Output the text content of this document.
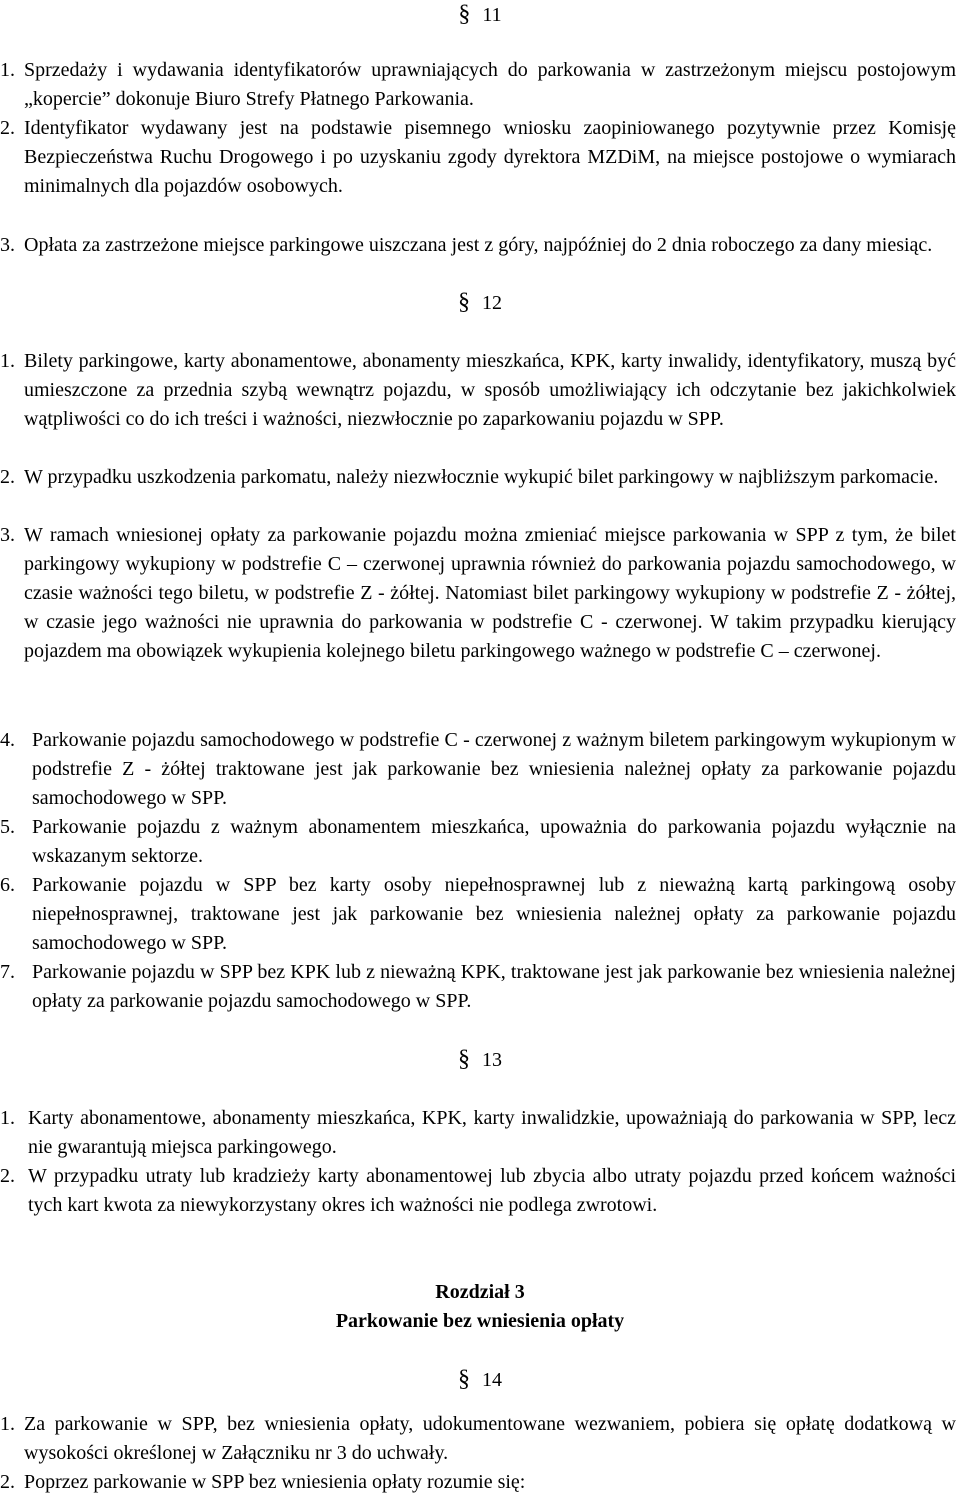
§ 11
1. Sprzedaży i wydawania identyfikatorów uprawniających do parkowania w zastrzeżonym miejscu postojowym „kopercie” dokonuje Biuro Strefy Płatnego Parkowania.
2. Identyfikator wydawany jest na podstawie pisemnego wniosku zaopiniowanego pozytywnie przez Komisję Bezpieczeństwa Ruchu Drogowego i po uzyskaniu zgody dyrektora MZDiM, na miejsce postojowe o wymiarach minimalnych dla pojazdów osobowych.
3. Opłata za zastrzeżone miejsce parkingowe uiszczana jest z góry, najpóźniej do 2 dnia roboczego za dany miesiąc.
§ 12
1. Bilety parkingowe, karty abonamentowe, abonamenty mieszkańca, KPK, karty inwalidy, identyfikatory, muszą być umieszczone za przednia szybą wewnątrz pojazdu, w sposób umożliwiający ich odczytanie bez jakichkolwiek wątpliwości co do ich treści i ważności, niezwłocznie po zaparkowaniu pojazdu w SPP.
2. W przypadku uszkodzenia parkomatu, należy niezwłocznie wykupić bilet parkingowy w najbliższym parkomacie.
3. W ramach wniesionej opłaty za parkowanie pojazdu można zmieniać miejsce parkowania w SPP z tym, że bilet parkingowy wykupiony w podstrefie C – czerwonej uprawnia również do parkowania pojazdu samochodowego, w czasie ważności tego biletu, w podstrefie Z - żółtej. Natomiast bilet parkingowy wykupiony w podstrefie Z - żółtej, w czasie jego ważności nie uprawnia do parkowania w podstrefie C - czerwonej. W takim przypadku kierujący pojazdem ma obowiązek wykupienia kolejnego biletu parkingowego ważnego w podstrefie C – czerwonej.
4. Parkowanie pojazdu samochodowego w podstrefie C - czerwonej z ważnym biletem parkingowym wykupionym w podstrefie Z - żółtej traktowane jest jak parkowanie bez wniesienia należnej opłaty za parkowanie pojazdu samochodowego w SPP.
5. Parkowanie pojazdu z ważnym abonamentem mieszkańca, upoważnia do parkowania pojazdu wyłącznie na wskazanym sektorze.
6. Parkowanie pojazdu w SPP bez karty osoby niepełnosprawnej lub z nieważną kartą parkingową osoby niepełnosprawnej, traktowane jest jak parkowanie bez wniesienia należnej opłaty za parkowanie pojazdu samochodowego w SPP.
7. Parkowanie pojazdu w SPP bez KPK lub z nieważną KPK, traktowane jest jak parkowanie bez wniesienia należnej opłaty za parkowanie pojazdu samochodowego w SPP.
§ 13
1. Karty abonamentowe, abonamenty mieszkańca, KPK, karty inwalidzkie, upoważniają do parkowania w SPP, lecz nie gwarantują miejsca parkingowego.
2. W przypadku utraty lub kradzieży karty abonamentowej lub zbycia albo utraty pojazdu przed końcem ważności tych kart kwota za niewykorzystany okres ich ważności nie podlega zwrotowi.
Rozdział 3
Parkowanie bez wniesienia opłaty
§ 14
1. Za parkowanie w SPP, bez wniesienia opłaty, udokumentowane wezwaniem, pobiera się opłatę dodatkową w wysokości określonej w Załączniku nr 3 do uchwały.
2. Poprzez parkowanie w SPP bez wniesienia opłaty rozumie się:
